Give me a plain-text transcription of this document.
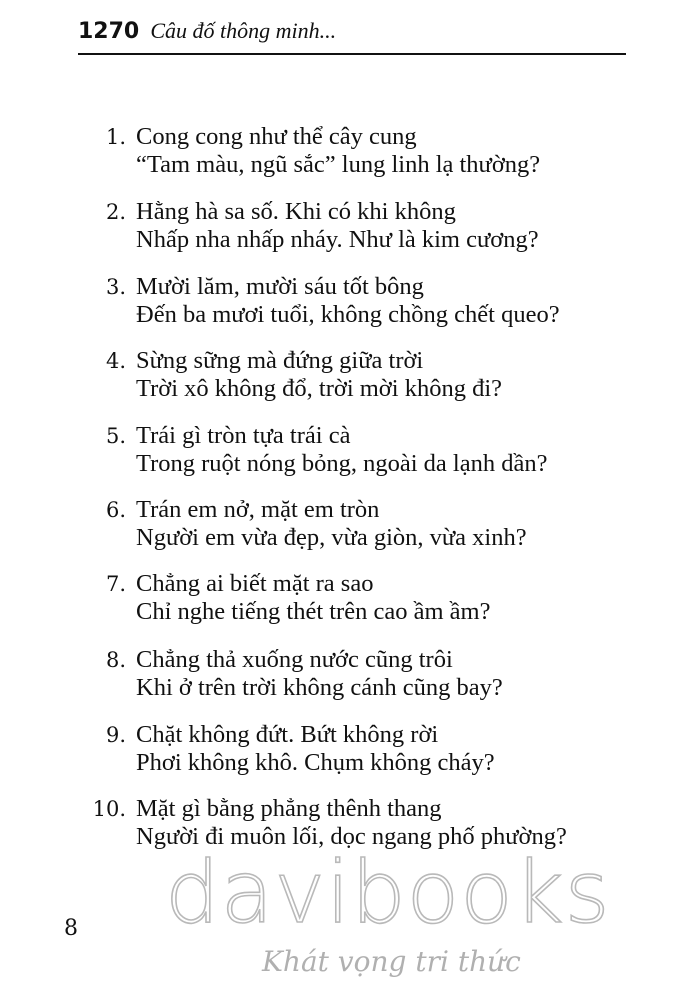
1270 Câu đố thông minh...
1. Cong cong như thể cây cung
“Tam màu, ngũ sắc” lung linh lạ thường?
2. Hằng hà sa số. Khi có khi không
Nhấp nha nhấp nháy. Như là kim cương?
3. Mười lăm, mười sáu tốt bông
Đến ba mươi tuổi, không chồng chết queo?
4. Sừng sững mà đứng giữa trời
Trời xô không đổ, trời mời không đi?
5. Trái gì tròn tựa trái cà
Trong ruột nóng bỏng, ngoài da lạnh dần?
6. Trán em nở, mặt em tròn
Người em vừa đẹp, vừa giòn, vừa xinh?
7. Chẳng ai biết mặt ra sao
Chỉ nghe tiếng thét trên cao ầm ầm?
8. Chẳng thả xuống nước cũng trôi
Khi ở trên trời không cánh cũng bay?
9. Chặt không đứt. Bứt không rời
Phơi không khô. Chụm không cháy?
10. Mặt gì bằng phẳng thênh thang
Người đi muôn lối, dọc ngang phố phường?
davibooks
Khát vọng tri thức
8
